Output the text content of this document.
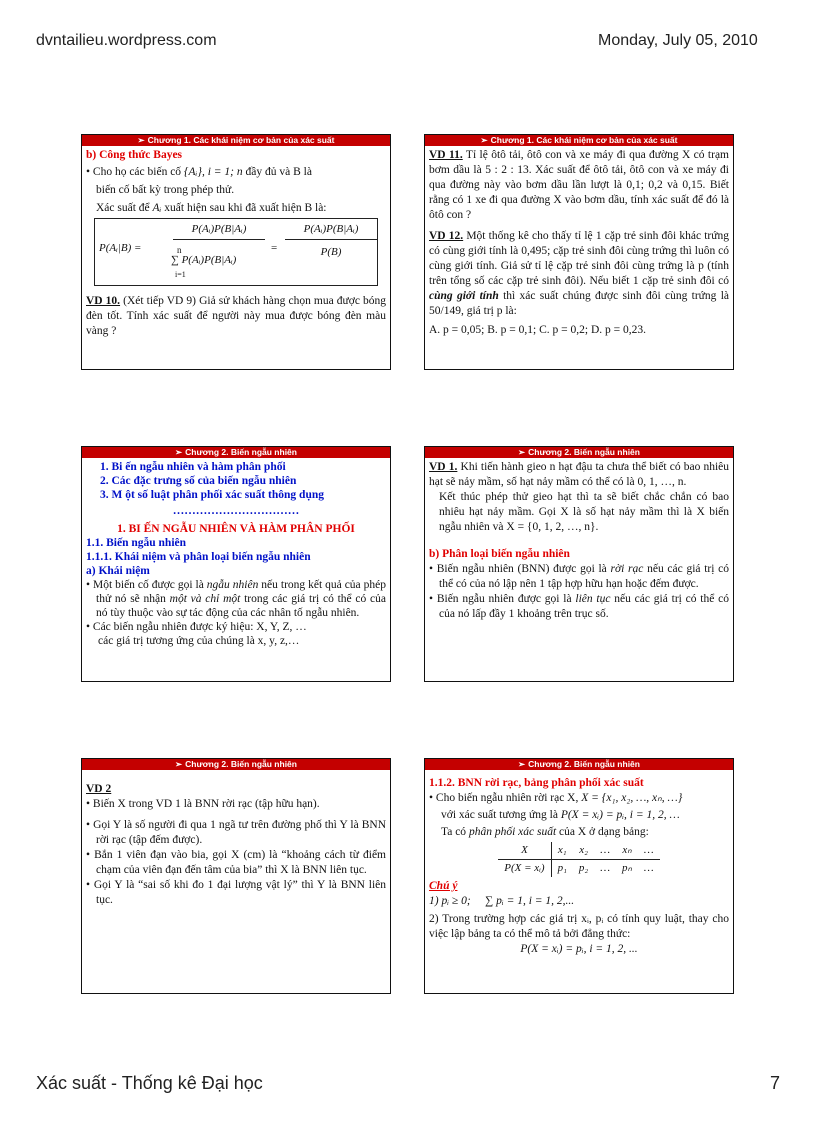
dvntailieu.wordpress.com	Monday, July 05, 2010
➢ Chương 1. Các khái niệm cơ bản của xác suất

b) Công thức Bayes

• Cho họ các biến cố {Aᵢ}, i = 1; n đầy đủ và B là

biến cố bất kỳ trong phép thử.

Xác suất để Aᵢ xuất hiện sau khi đã xuất hiện B là:

P(Aᵢ|B) =
P(Aᵢ)P(B|Aᵢ)
n
∑ P(Aᵢ)P(B|Aᵢ)
i=1
=
P(Aᵢ)P(B|Aᵢ)
P(B)

VD 10. (Xét tiếp VD 9) Giả sử khách hàng chọn mua được bóng đèn tốt. Tính xác suất để người này mua được bóng đèn màu vàng ?

➢ Chương 1. Các khái niệm cơ bản của xác suất

VD 11. Tỉ lệ ôtô tải, ôtô con và xe máy đi qua đường X có trạm bơm dầu là 5 : 2 : 13. Xác suất để ôtô tải, ôtô con và xe máy đi qua đường này vào bơm dầu lần lượt là 0,1; 0,2 và 0,15. Biết rằng có 1 xe đi qua đường X vào bơm dầu, tính xác suất để đó là ôtô con ?

VD 12. Một thống kê cho thấy tỉ lệ 1 cặp trẻ sinh đôi khác trứng có cùng giới tính là 0,495; cặp trẻ sinh đôi cùng trứng thì luôn có cùng giới tính. Giả sử tỉ lệ cặp trẻ sinh đôi cùng trứng là p (tính trên tổng số các cặp trẻ sinh đôi). Nếu biết 1 cặp trẻ sinh đôi có cùng giới tính thì xác suất chúng được sinh đôi cùng trứng là 50/149, giá trị p là:

A. p = 0,05; B. p = 0,1; C. p = 0,2; D. p = 0,23.

➢ Chương 2. Biến ngẫu nhiên

1. Bi ến ngẫu nhiên và hàm phân phối

2. Các đặc trưng số của biến ngẫu nhiên

3. M ột số luật phân phối xác suất thông dụng

……………………………

1. BI ẾN NGẪU NHIÊN VÀ HÀM PHÂN PHỐI

1.1. Biến ngẫu nhiên

1.1.1. Khái niệm và phân loại biến ngẫu nhiên

a) Khái niệm

• Một biến cố được gọi là ngẫu nhiên nếu trong kết quả của phép thử nó sẽ nhận một và chỉ một trong các giá trị có thể có của nó tùy thuộc vào sự tác động của các nhân tố ngẫu nhiên.

• Các biến ngẫu nhiên được ký hiệu: X, Y, Z, …

các giá trị tương ứng của chúng là x, y, z,…

➢ Chương 2. Biến ngẫu nhiên

VD 1. Khi tiến hành gieo n hạt đậu ta chưa thể biết có bao nhiêu hạt sẽ nảy mầm, số hạt nảy mầm có thể có là 0, 1, …, n.

Kết thúc phép thử gieo hạt thì ta sẽ biết chắc chắn có bao nhiêu hạt nảy mầm. Gọi X là số hạt nảy mầm thì là X biến ngẫu nhiên và X = {0, 1, 2, …, n}.

b) Phân loại biến ngẫu nhiên

• Biến ngẫu nhiên (BNN) được gọi là rời rạc nếu các giá trị có thể có của nó lập nên 1 tập hợp hữu hạn hoặc đếm được.

• Biến ngẫu nhiên được gọi là liên tục nếu các giá trị có thể có của nó lấp đầy 1 khoảng trên trục số.

➢ Chương 2. Biến ngẫu nhiên

VD 2

• Biến X trong VD 1 là BNN rời rạc (tập hữu hạn).

• Gọi Y là số người đi qua 1 ngã tư trên đường phố thì Y là BNN rời rạc (tập đếm được).

• Bắn 1 viên đạn vào bia, gọi X (cm) là “khoảng cách từ điểm chạm của viên đạn đến tâm của bia” thì X là BNN liên tục.

• Gọi Y là “sai số khi đo 1 đại lượng vật lý” thì Y là BNN liên tục.

➢ Chương 2. Biến ngẫu nhiên

1.1.2. BNN rời rạc, bảng phân phối xác suất

• Cho biến ngẫu nhiên rời rạc X, X = {x₁, x₂, …, xₙ, …}

với xác suất tương ứng là P(X = xᵢ) = pᵢ, i = 1, 2, …

Ta có phân phối xác suất của X ở dạng bảng:

X	x₁	x₂	…	xₙ	…
P(X = xᵢ)	p₁	p₂	…	pₙ	…

Chú ý

1) pᵢ ≥ 0; ∑ pᵢ = 1, i = 1, 2,...

2) Trong trường hợp các giá trị xᵢ, pᵢ có tính quy luật, thay cho việc lập bảng ta có thể mô tả bởi đẳng thức:

P(X = xᵢ) = pᵢ, i = 1, 2, ...

Xác suất - Thống kê Đại học	7
